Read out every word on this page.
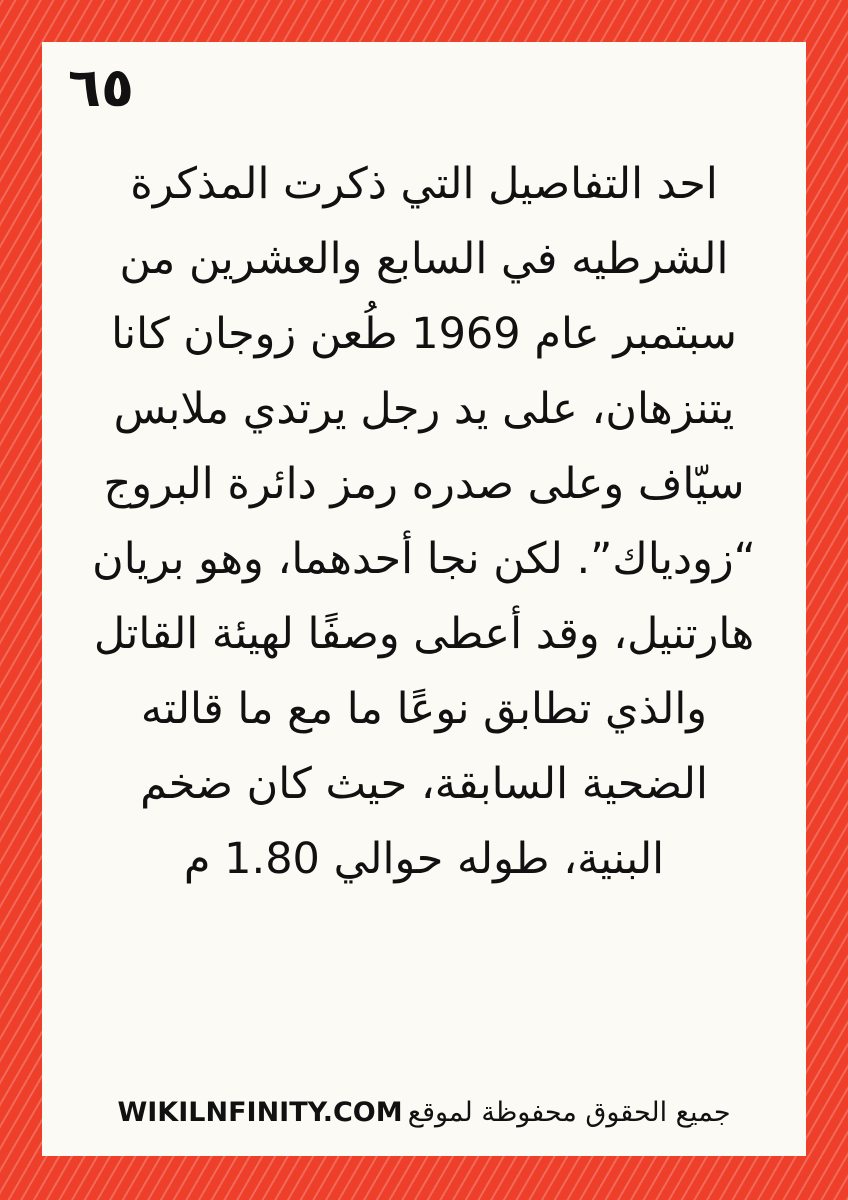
٦٥

احد التفاصيل التي ذكرت المذكرة
الشرطيه في السابع والعشرين من
سبتمبر عام 1969 طُعن زوجان كانا
يتنزهان، على يد رجل يرتدي ملابس
سيّاف وعلى صدره رمز دائرة البروج
“زودياك”. لكن نجا أحدهما، وهو بريان
هارتنيل، وقد أعطى وصفًا لهيئة القاتل
والذي تطابق نوعًا ما مع ما قالته
الضحية السابقة، حيث كان ضخم
البنية، طوله حوالي 1.80 م

جميع الحقوق محفوظة لموقع WIKILNFINITY.COM
